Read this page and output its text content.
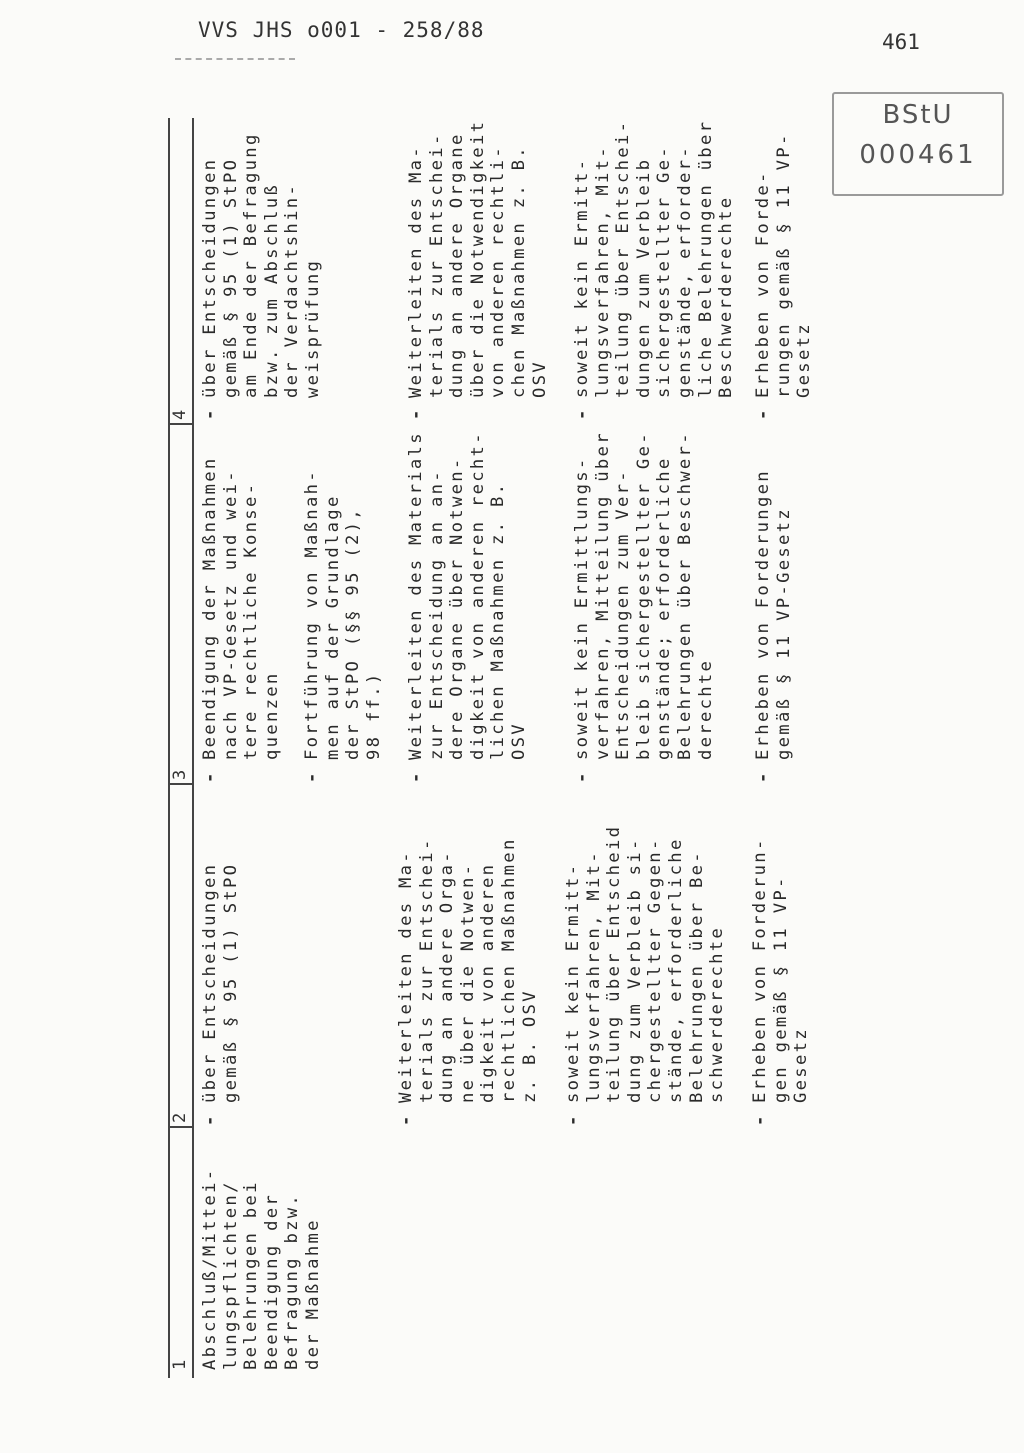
VVS JHS o001 - 258/88	461
BStU
000461
1
2
3
4
Abschluß/Mittei-
lungspflichten/
Belehrungen bei
Beendigung der
Befragung bzw.
der Maßnahme
-
über Entscheidungen
gemäß § 95 (1) StPO
-
Weiterleiten des Ma-
terials zur Entschei-
dung an andere Orga-
ne über die Notwen-
digkeit von anderen
rechtlichen Maßnahmen
z. B. OSV
-
soweit kein Ermitt-
lungsverfahren, Mit-
teilung über Entscheid
dung zum Verbleib si-
chergestellter Gegen-
stände, erforderliche
Belehrungen über Be-
schwerderechte
-
Erheben von Forderun-
gen gemäß § 11 VP-
Gesetz
-
Beendigung der Maßnahmen
nach VP-Gesetz und wei-
tere rechtliche Konse-
quenzen
-
Fortführung von Maßnah-
men auf der Grundlage
der StPO (§§ 95 (2),
98 ff.)
-
Weiterleiten des Materials
zur Entscheidung an an-
dere Organe über Notwen-
digkeit von anderen recht-
lichen Maßnahmen z. B.
OSV
-
soweit kein Ermittlungs-
verfahren, Mitteilung über
Entscheidungen zum Ver-
bleib sichergestellter Ge-
genstände; erforderliche
Belehrungen über Beschwer-
derechte
-
Erheben von Forderungen
gemäß § 11 VP-Gesetz
-
über Entscheidungen
gemäß § 95 (1) StPO
am Ende der Befragung
bzw. zum Abschluß
der Verdachtshin-
weisprüfung
-
Weiterleiten des Ma-
terials zur Entschei-
dung an andere Organe
über die Notwendigkeit
von anderen rechtli-
chen Maßnahmen z. B.
OSV
-
soweit kein Ermitt-
lungsverfahren, Mit-
teilung über Entschei-
dungen zum Verbleib
sichergestellter Ge-
genstände, erforder-
liche Belehrungen über
Beschwerderechte
-
Erheben von Forde-
rungen gemäß § 11 VP-
Gesetz
